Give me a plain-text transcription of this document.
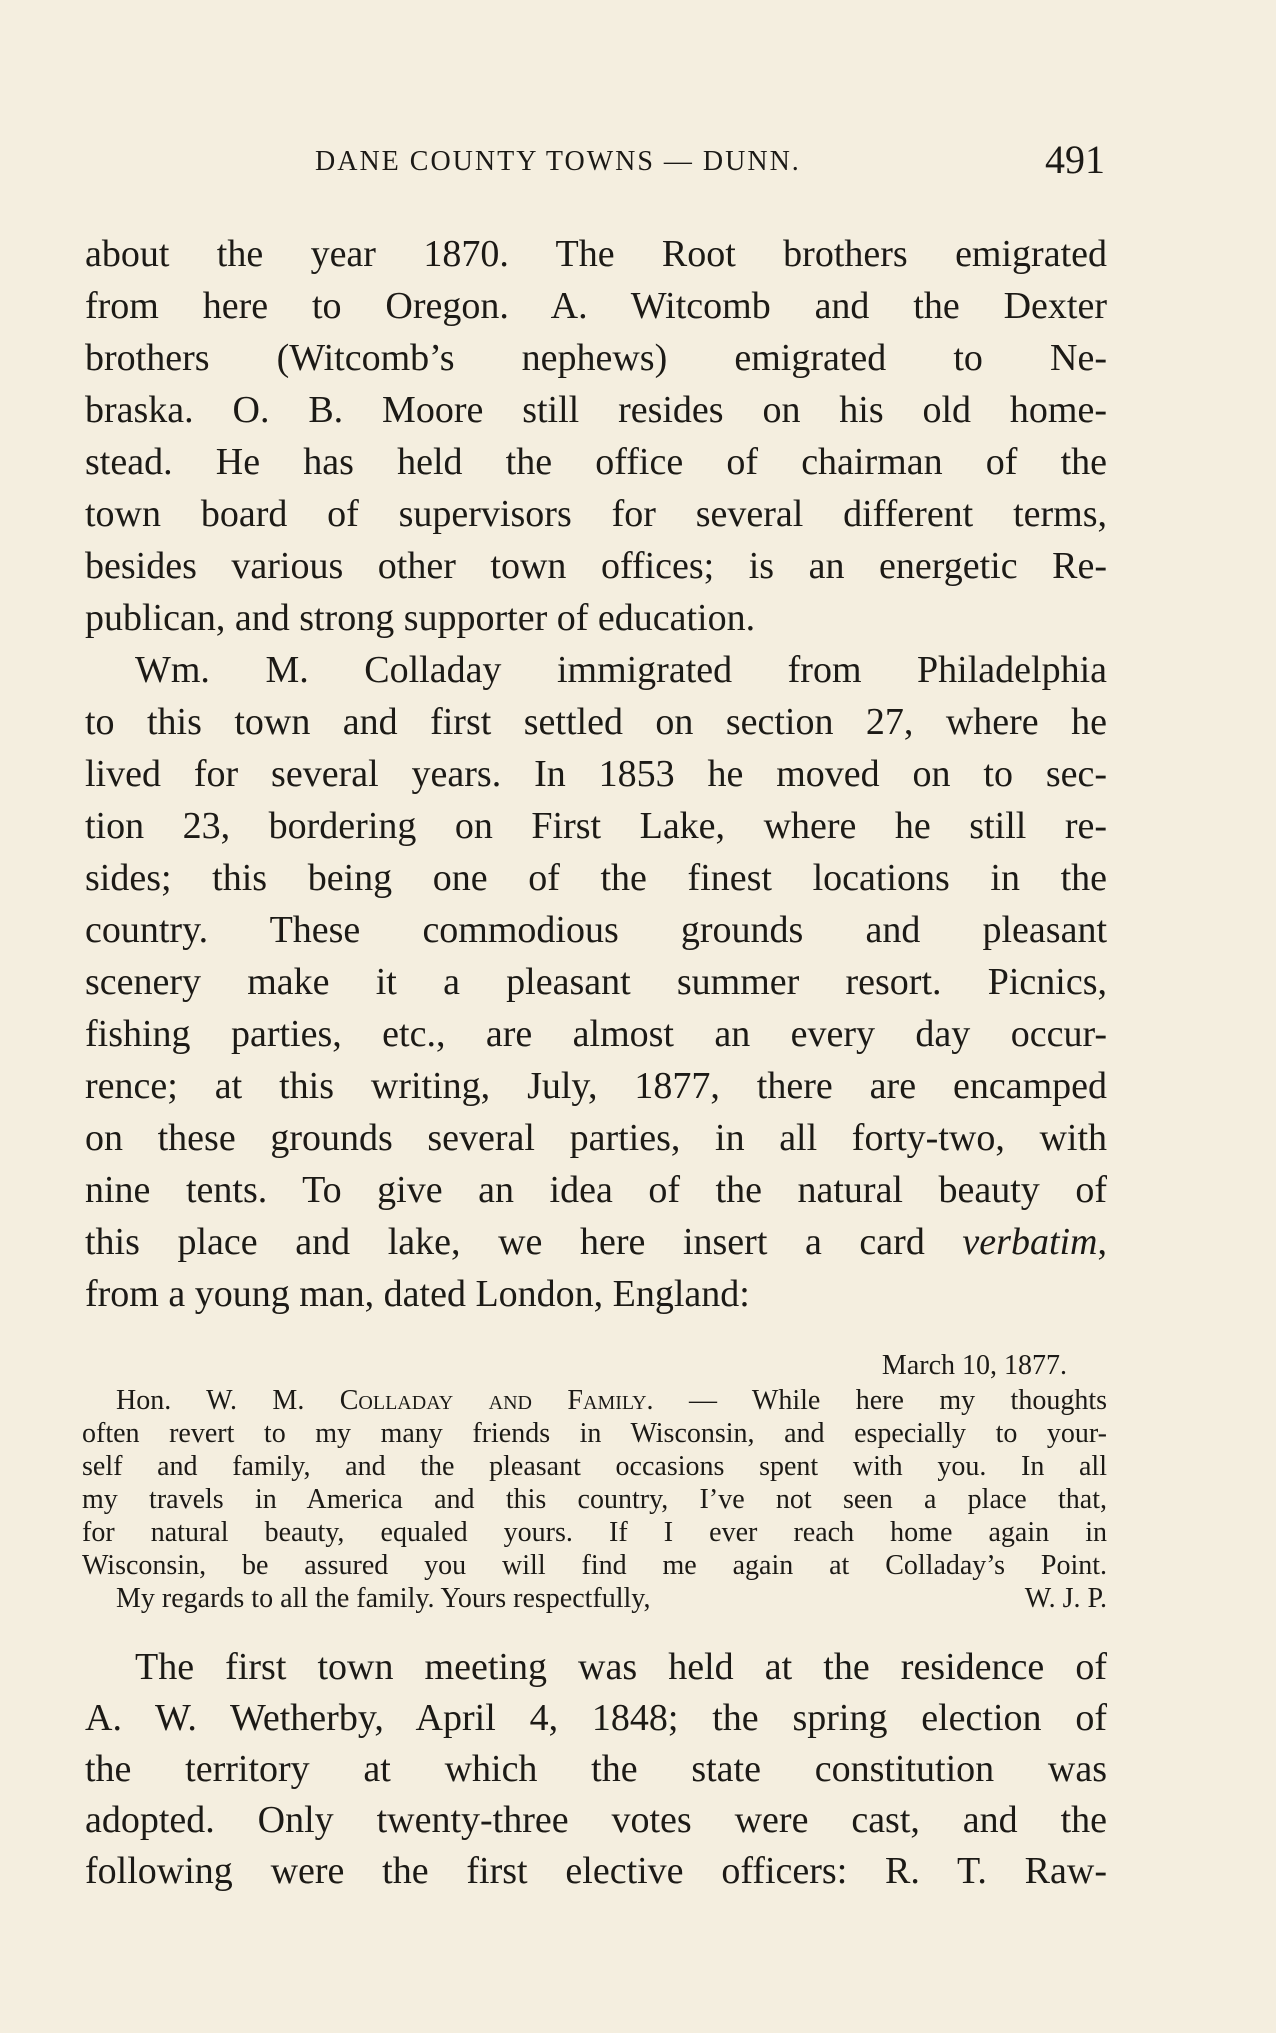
DANE COUNTY TOWNS — DUNN.	491
about the year 1870. The Root brothers emigrated
from here to Oregon. A. Witcomb and the Dexter
brothers (Witcomb’s nephews) emigrated to Ne-
braska. O. B. Moore still resides on his old home-
stead. He has held the office of chairman of the
town board of supervisors for several different terms,
besides various other town offices; is an energetic Re-
publican, and strong supporter of education.
Wm. M. Colladay immigrated from Philadelphia
to this town and first settled on section 27, where he
lived for several years. In 1853 he moved on to sec-
tion 23, bordering on First Lake, where he still re-
sides; this being one of the finest locations in the
country. These commodious grounds and pleasant
scenery make it a pleasant summer resort. Picnics,
fishing parties, etc., are almost an every day occur-
rence; at this writing, July, 1877, there are encamped
on these grounds several parties, in all forty-two, with
nine tents. To give an idea of the natural beauty of
this place and lake, we here insert a card verbatim,
from a young man, dated London, England:
March 10, 1877.
Hon. W. M. Colladay and Family. — While here my thoughts
often revert to my many friends in Wisconsin, and especially to your-
self and family, and the pleasant occasions spent with you. In all
my travels in America and this country, I’ve not seen a place that,
for natural beauty, equaled yours. If I ever reach home again in
Wisconsin, be assured you will find me again at Colladay’s Point.
My regards to all the family. Yours respectfully,	W. J. P.
The first town meeting was held at the residence of
A. W. Wetherby, April 4, 1848; the spring election of
the territory at which the state constitution was
adopted. Only twenty-three votes were cast, and the
following were the first elective officers: R. T. Raw-
